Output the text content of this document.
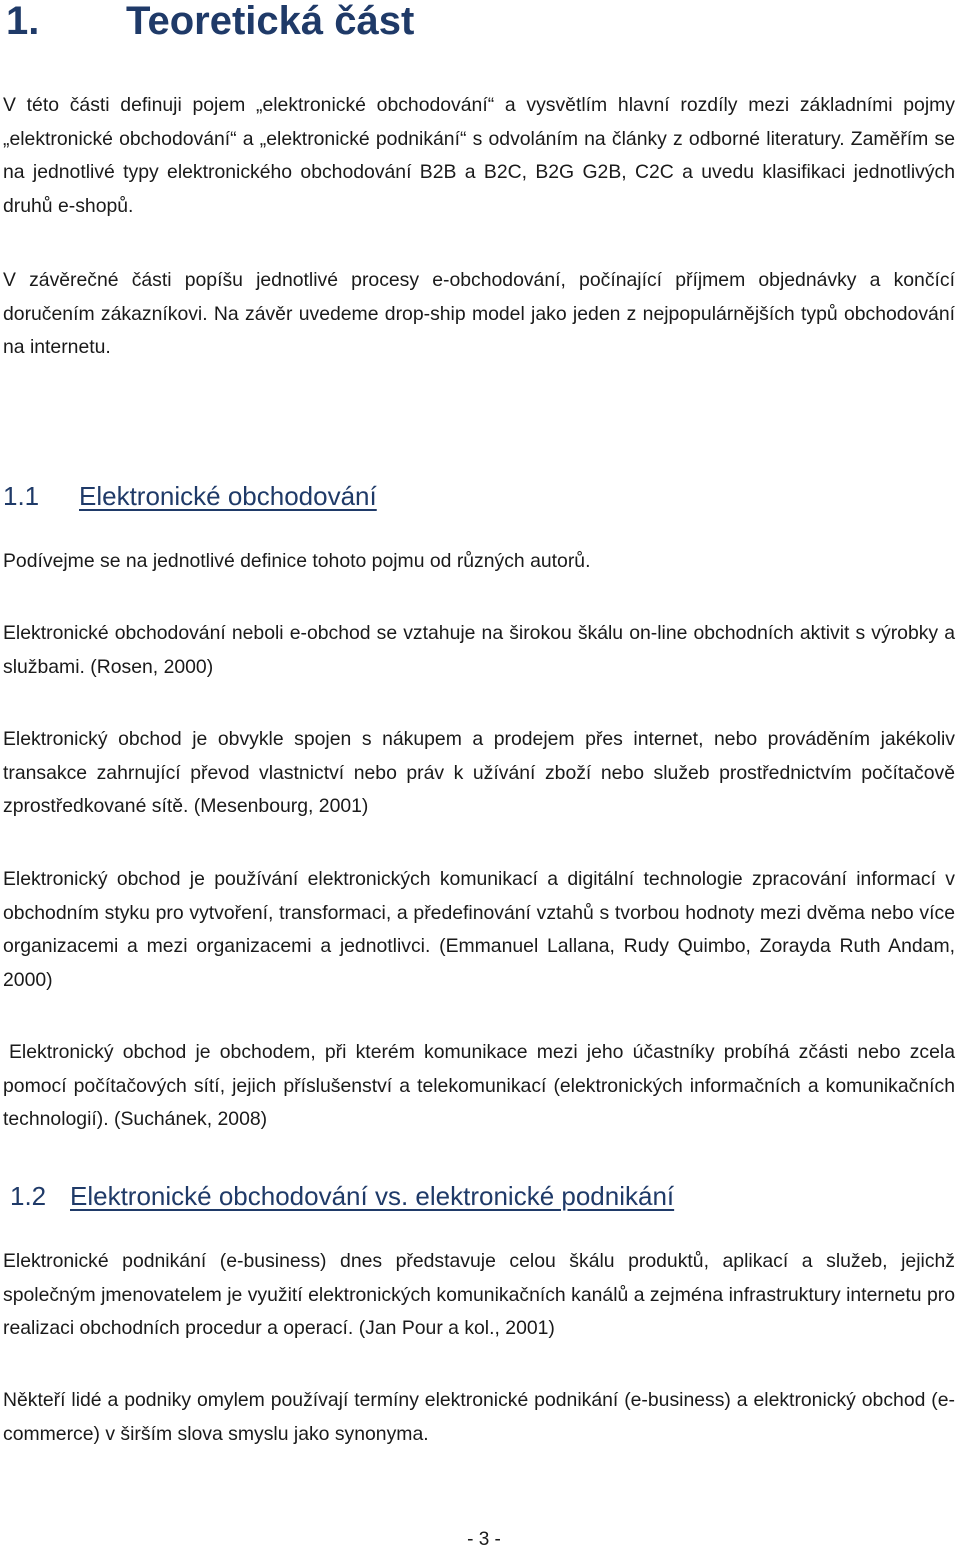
1. Teoretická část

V této části definuji pojem „elektronické obchodování“ a vysvětlím hlavní rozdíly mezi základními pojmy „elektronické obchodování“ a „elektronické podnikání“ s odvoláním na články z odborné literatury. Zaměřím se na jednotlivé typy elektronického obchodování B2B a B2C, B2G G2B, C2C a uvedu klasifikaci jednotlivých druhů e-shopů.

V závěrečné části popíšu jednotlivé procesy e-obchodování, počínající příjmem objednávky a končící doručením zákazníkovi. Na závěr uvedeme drop-ship model jako jeden z nejpopulárnějších typů obchodování na internetu.

1.1 Elektronické obchodování

Podívejme se na jednotlivé definice tohoto pojmu od různých autorů.

Elektronické obchodování neboli e-obchod se vztahuje na širokou škálu on-line obchodních aktivit s výrobky a službami. (Rosen, 2000)

Elektronický obchod je obvykle spojen s nákupem a prodejem přes internet, nebo prováděním jakékoliv transakce zahrnující převod vlastnictví nebo práv k užívání zboží nebo služeb prostřednictvím počítačově zprostředkované sítě. (Mesenbourg, 2001)

Elektronický obchod je používání elektronických komunikací a digitální technologie zpracování informací v obchodním styku pro vytvoření, transformaci, a předefinování vztahů s tvorbou hodnoty mezi dvěma nebo více organizacemi a mezi organizacemi a jednotlivci. (Emmanuel Lallana, Rudy Quimbo, Zorayda Ruth Andam, 2000)

Elektronický obchod je obchodem, při kterém komunikace mezi jeho účastníky probíhá zčásti nebo zcela pomocí počítačových sítí, jejich příslušenství a telekomunikací (elektronických informačních a komunikačních technologií). (Suchánek, 2008)

1.2 Elektronické obchodování vs. elektronické podnikání

Elektronické podnikání (e-business) dnes představuje celou škálu produktů, aplikací a služeb, jejichž společným jmenovatelem je využití elektronických komunikačních kanálů a zejména infrastruktury internetu pro realizaci obchodních procedur a operací. (Jan Pour a kol., 2001)

Někteří lidé a podniky omylem používají termíny elektronické podnikání (e-business) a elektronický obchod (e-commerce) v širším slova smyslu jako synonyma.

- 3 -
